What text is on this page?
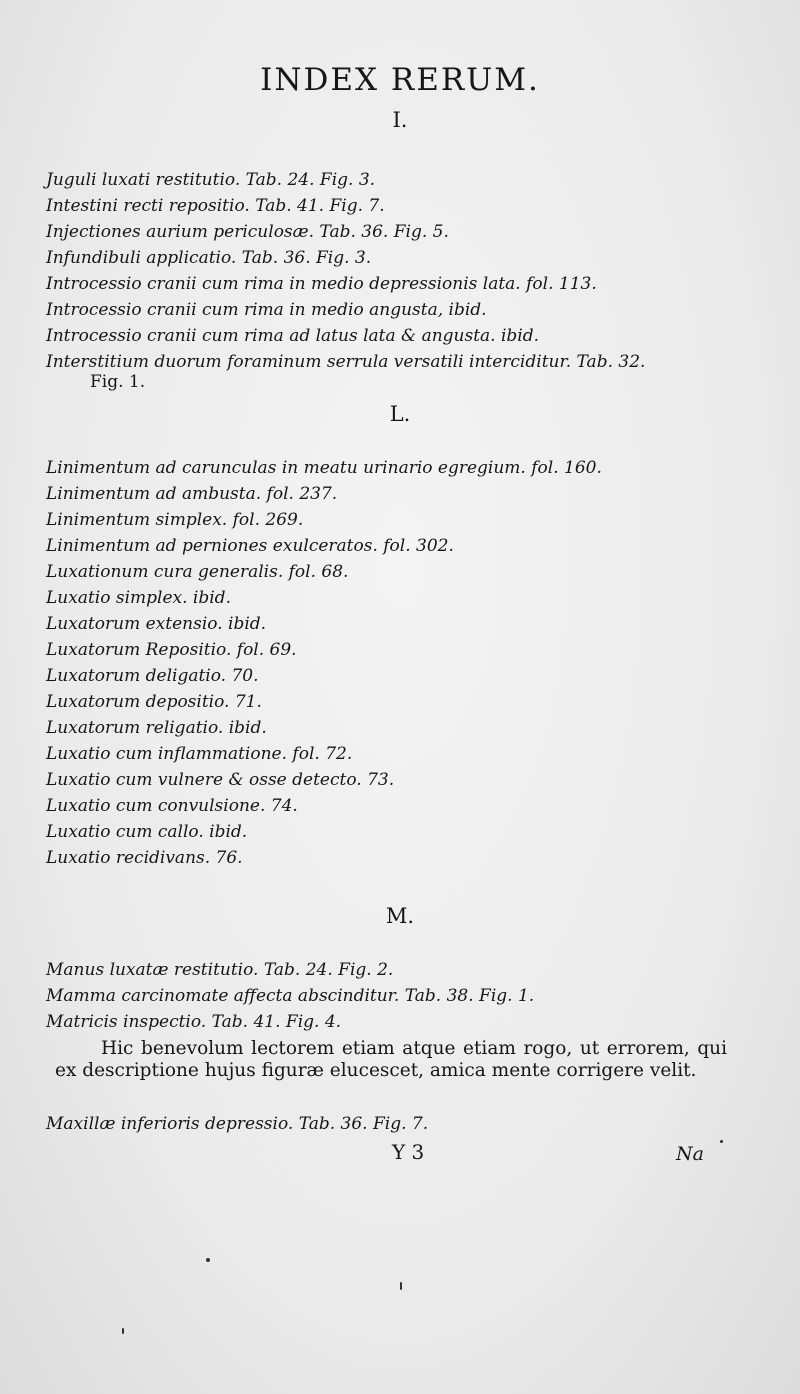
INDEX RERUM.
I.
Juguli luxati restitutio. Tab. 24. Fig. 3.
Intestini recti repositio. Tab. 41. Fig. 7.
Injectiones aurium periculosæ. Tab. 36. Fig. 5.
Infundibuli applicatio. Tab. 36. Fig. 3.
Introcessio cranii cum rima in medio depressionis lata. fol. 113.
Introcessio cranii cum rima in medio angusta, ibid.
Introcessio cranii cum rima ad latus lata & angusta. ibid.
Interstitium duorum foraminum serrula versatili interciditur. Tab. 32.
Fig. 1.
L.
Linimentum ad carunculas in meatu urinario egregium. fol. 160.
Linimentum ad ambusta. fol. 237.
Linimentum simplex. fol. 269.
Linimentum ad perniones exulceratos. fol. 302.
Luxationum cura generalis. fol. 68.
Luxatio simplex. ibid.
Luxatorum extensio. ibid.
Luxatorum Repositio. fol. 69.
Luxatorum deligatio. 70.
Luxatorum depositio. 71.
Luxatorum religatio. ibid.
Luxatio cum inflammatione. fol. 72.
Luxatio cum vulnere & osse detecto. 73.
Luxatio cum convulsione. 74.
Luxatio cum callo. ibid.
Luxatio recidivans. 76.
M.
Manus luxatæ restitutio. Tab. 24. Fig. 2.
Mamma carcinomate affecta abscinditur. Tab. 38. Fig. 1.
Matricis inspectio. Tab. 41. Fig. 4.
Hic benevolum lectorem etiam atque etiam rogo, ut errorem, qui ex descriptione hujus figuræ elucescet, amica mente corrigere velit.
Maxillæ inferioris depressio. Tab. 36. Fig. 7.
Y 3	Na
